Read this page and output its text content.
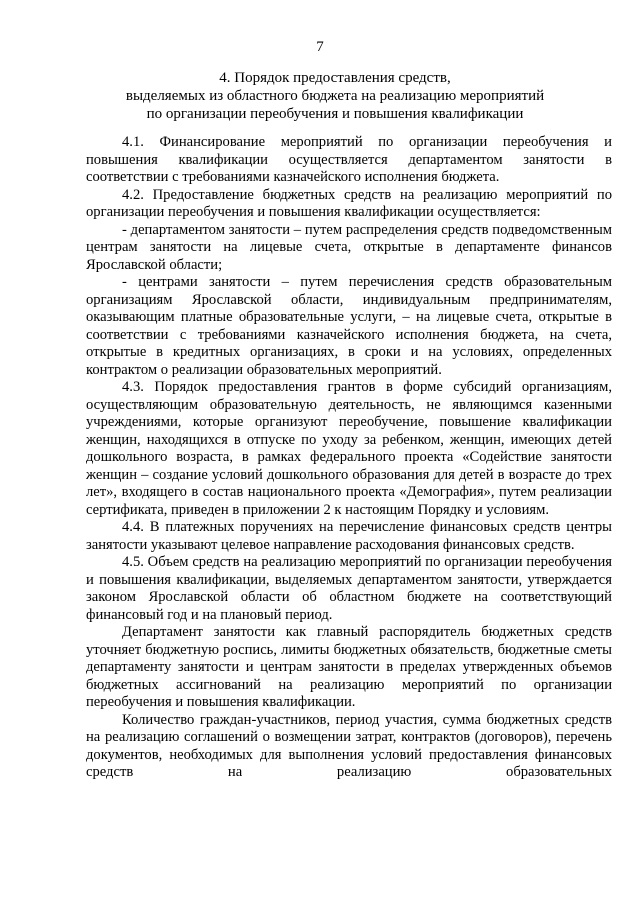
7
4. Порядок предоставления средств,
выделяемых из областного бюджета на реализацию мероприятий
по организации переобучения и повышения квалификации

4.1. Финансирование мероприятий по организации переобучения и повышения квалификации осуществляется департаментом занятости в соответствии с требованиями казначейского исполнения бюджета.

4.2. Предоставление бюджетных средств на реализацию мероприятий по организации переобучения и повышения квалификации осуществляется:

- департаментом занятости – путем распределения средств подведомственным центрам занятости на лицевые счета, открытые в департаменте финансов Ярославской области;

- центрами занятости – путем перечисления средств образовательным организациям Ярославской области, индивидуальным предпринимателям, оказывающим платные образовательные услуги, – на лицевые счета, открытые в соответствии с требованиями казначейского исполнения бюджета, на счета, открытые в кредитных организациях, в сроки и на условиях, определенных контрактом о реализации образовательных мероприятий.

4.3. Порядок предоставления грантов в форме субсидий организациям, осуществляющим образовательную деятельность, не являющимся казенными учреждениями, которые организуют переобучение, повышение квалификации женщин, находящихся в отпуске по уходу за ребенком, женщин, имеющих детей дошкольного возраста, в рамках федерального проекта «Содействие занятости женщин – создание условий дошкольного образования для детей в возрасте до трех лет», входящего в состав национального проекта «Демография», путем реализации сертификата, приведен в приложении 2 к настоящим Порядку и условиям.

4.4. В платежных поручениях на перечисление финансовых средств центры занятости указывают целевое направление расходования финансовых средств.

4.5. Объем средств на реализацию мероприятий по организации переобучения и повышения квалификации, выделяемых департаментом занятости, утверждается законом Ярославской области об областном бюджете на соответствующий финансовый год и на плановый период.

Департамент занятости как главный распорядитель бюджетных средств уточняет бюджетную роспись, лимиты бюджетных обязательств, бюджетные сметы департаменту занятости и центрам занятости в пределах утвержденных объемов бюджетных ассигнований на реализацию мероприятий по организации переобучения и повышения квалификации.

Количество граждан-участников, период участия, сумма бюджетных средств на реализацию соглашений о возмещении затрат, контрактов (договоров), перечень документов, необходимых для выполнения условий предоставления финансовых средств на реализацию образовательных
